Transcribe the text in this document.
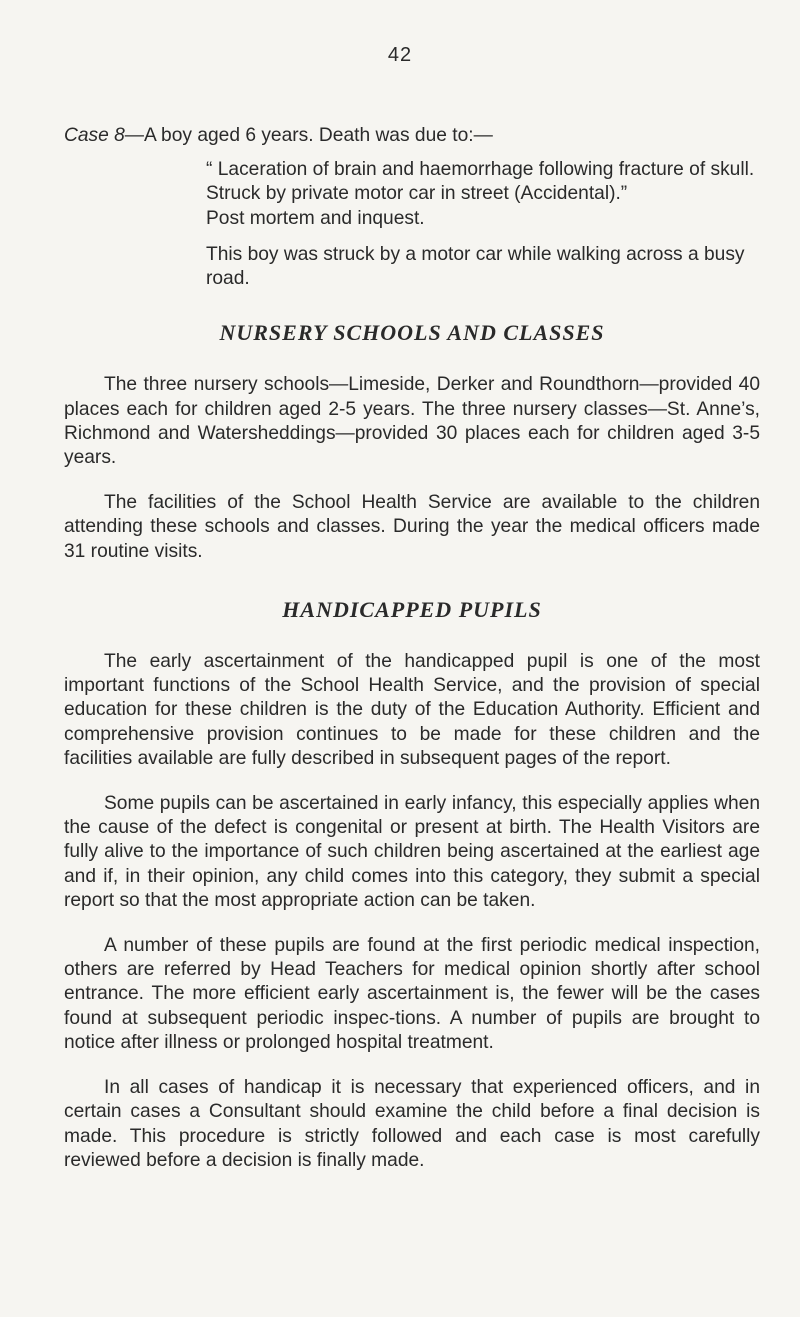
42
Case 8—A boy aged 6 years. Death was due to:—

“ Laceration of brain and haemorrhage following fracture of skull. Struck by private motor car in street (Accidental).”

Post mortem and inquest.

This boy was struck by a motor car while walking across a busy road.

NURSERY SCHOOLS AND CLASSES

The three nursery schools—Limeside, Derker and Roundthorn—provided 40 places each for children aged 2-5 years. The three nursery classes—St. Anne’s, Richmond and Watersheddings—provided 30 places each for children aged 3-5 years.

The facilities of the School Health Service are available to the children attending these schools and classes. During the year the medical officers made 31 routine visits.

HANDICAPPED PUPILS

The early ascertainment of the handicapped pupil is one of the most important functions of the School Health Service, and the provision of special education for these children is the duty of the Education Authority. Efficient and comprehensive provision continues to be made for these children and the facilities available are fully described in subsequent pages of the report.

Some pupils can be ascertained in early infancy, this especially applies when the cause of the defect is congenital or present at birth. The Health Visitors are fully alive to the importance of such children being ascertained at the earliest age and if, in their opinion, any child comes into this category, they submit a special report so that the most appropriate action can be taken.

A number of these pupils are found at the first periodic medical inspection, others are referred by Head Teachers for medical opinion shortly after school entrance. The more efficient early ascertainment is, the fewer will be the cases found at subsequent periodic inspec-tions. A number of pupils are brought to notice after illness or prolonged hospital treatment.

In all cases of handicap it is necessary that experienced officers, and in certain cases a Consultant should examine the child before a final decision is made. This procedure is strictly followed and each case is most carefully reviewed before a decision is finally made.
